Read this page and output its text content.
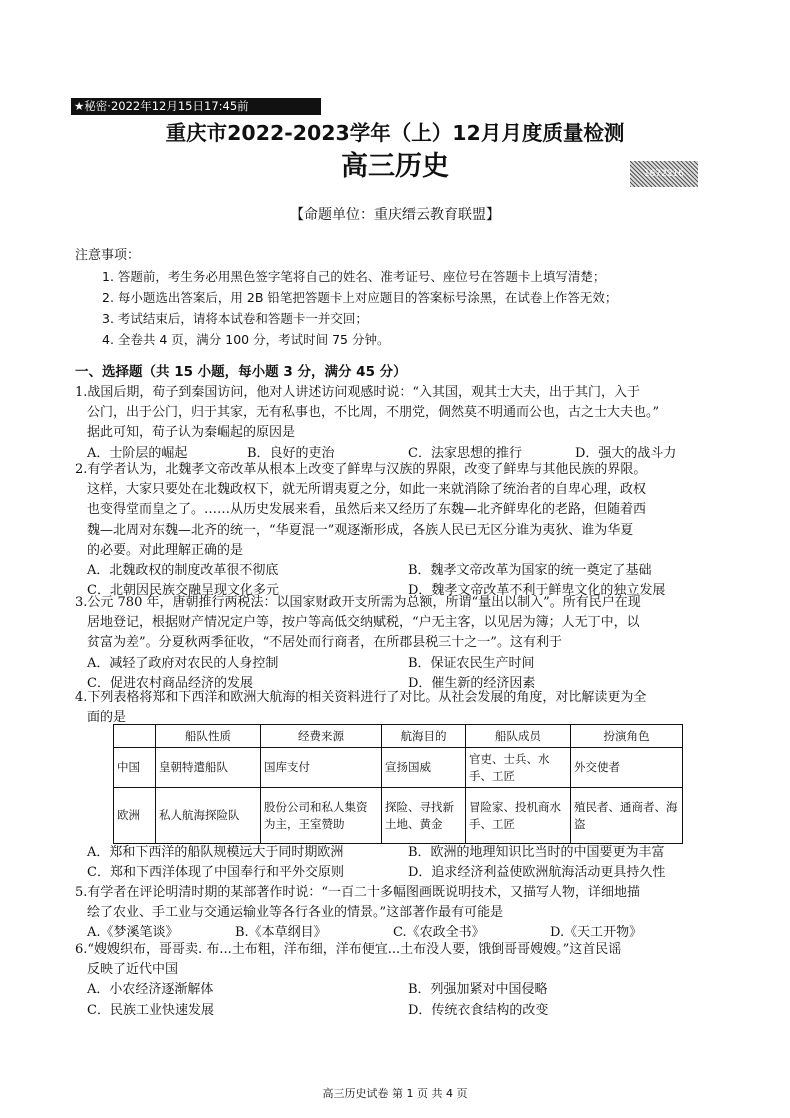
★秘密·2022年12月15日17:45前
重庆市2022-2023学年（上）12月月度质量检测
高三历史	1672216
【命题单位：重庆缙云教育联盟】
注意事项：
1. 答题前，考生务必用黑色签字笔将自己的姓名、准考证号、座位号在答题卡上填写清楚；
2. 每小题选出答案后，用 2B 铅笔把答题卡上对应题目的答案标号涂黑，在试卷上作答无效；
3. 考试结束后，请将本试卷和答题卡一并交回；
4. 全卷共 4 页，满分 100 分，考试时间 75 分钟。
一、选择题（共 15 小题，每小题 3 分，满分 45 分）
1.战国后期，荀子到秦国访问，他对人讲述访问观感时说：“入其国，观其士大夫，出于其门，入于
公门，出于公门，归于其家，无有私事也，不比周，不朋党，倜然莫不明通而公也，古之士大夫也。”
据此可知，荀子认为秦崛起的原因是
A．士阶层的崛起	B．良好的吏治	C．法家思想的推行	D．强大的战斗力
2.有学者认为，北魏孝文帝改革从根本上改变了鲜卑与汉族的界限，改变了鲜卑与其他民族的界限。
这样，大家只要处在北魏政权下，就无所谓夷夏之分，如此一来就消除了统治者的自卑心理，政权
也变得堂而皇之了。……从历史发展来看，虽然后来又经历了东魏—北齐鲜卑化的老路，但随着西
魏—北周对东魏—北齐的统一，“华夏混一”观逐渐形成，各族人民已无区分谁为夷狄、谁为华夏
的必要。对此理解正确的是
A．北魏政权的制度改革很不彻底	B．魏孝文帝改革为国家的统一奠定了基础
C．北朝因民族交融呈现文化多元	D．魏孝文帝改革不利于鲜卑文化的独立发展
3.公元 780 年，唐朝推行两税法：以国家财政开支所需为总额，所谓“量出以制入”。所有民户在现
居地登记，根据财产情况定户等，按户等高低交纳赋税，“户无主客，以见居为簿；人无丁中，以
贫富为差”。分夏秋两季征收，“不居处而行商者，在所郡县税三十之一”。这有利于
A．减轻了政府对农民的人身控制	B．保证农民生产时间
C．促进农村商品经济的发展	D．催生新的经济因素
4.下列表格将郑和下西洋和欧洲大航海的相关资料进行了对比。从社会发展的角度，对比解读更为全
面的是
	船队性质	经费来源	航海目的	船队成员	扮演角色
中国	皇朝特遣船队	国库支付	宣扬国威	官吏、士兵、水手、工匠	外交使者
欧洲	私人航海探险队	股份公司和私人集资为主，王室赞助	探险、寻找新土地、黄金	冒险家、投机商水手、工匠	殖民者、通商者、海盗
A．郑和下西洋的船队规模远大于同时期欧洲	B．欧洲的地理知识比当时的中国要更为丰富
C．郑和下西洋体现了中国奉行和平外交原则	D．追求经济利益使欧洲航海活动更具持久性
5.有学者在评论明清时期的某部著作时说：“一百二十多幅图画既说明技术，又描写人物，详细地描
绘了农业、手工业与交通运输业等各行各业的情景。”这部著作最有可能是
A.《梦溪笔谈》	B.《本草纲目》	C.《农政全书》	D.《天工开物》
6.“嫂嫂织布，哥哥卖. 布...土布粗，洋布细，洋布便宜...土布没人要，饿倒哥哥嫂嫂。”这首民谣
反映了近代中国
A．小农经济逐渐解体	B．列强加紧对中国侵略
C．民族工业快速发展	D．传统衣食结构的改变
高三历史试卷 第 1 页 共 4 页
